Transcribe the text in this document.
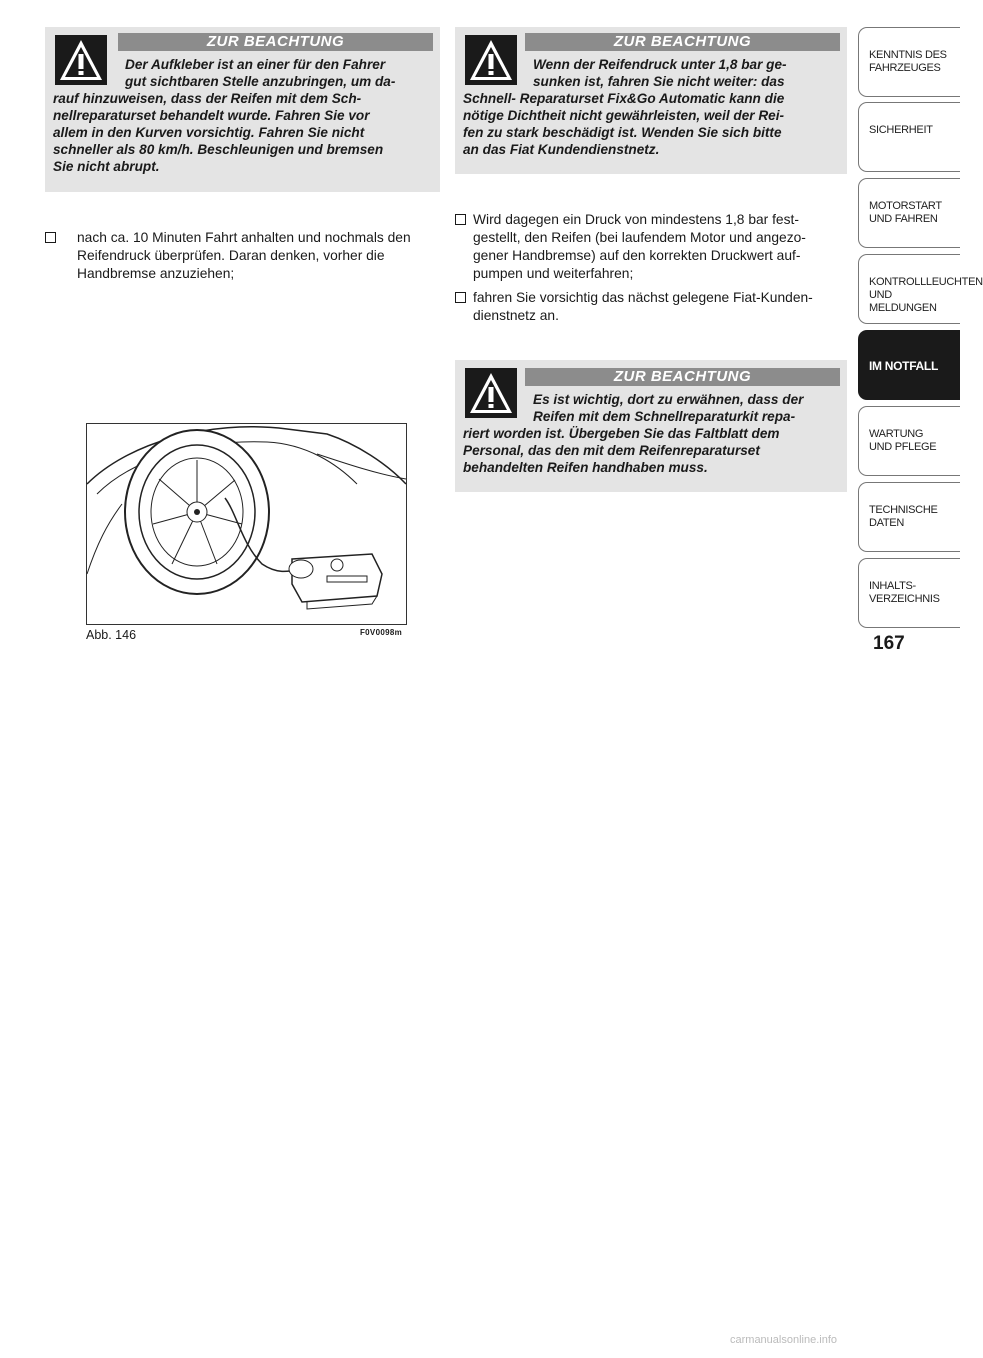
ZUR BEACHTUNG
Der Aufkleber ist an einer für den Fahrer
gut sichtbaren Stelle anzubringen, um da-
rauf hinzuweisen, dass der Reifen mit dem Sch-
nellreparaturset behandelt wurde. Fahren Sie vor
allem in den Kurven vorsichtig. Fahren Sie nicht
schneller als 80 km/h. Beschleunigen und bremsen
Sie nicht abrupt.
ZUR BEACHTUNG
Wenn der Reifendruck unter 1,8 bar ge-
sunken ist, fahren Sie nicht weiter: das
Schnell- Reparaturset Fix&Go Automatic kann die
nötige Dichtheit nicht gewährleisten, weil der Rei-
fen zu stark beschädigt ist. Wenden Sie sich bitte
an das Fiat Kundendienstnetz.
nach ca. 10 Minuten Fahrt anhalten und nochmals den
Reifendruck überprüfen. Daran denken, vorher die
Handbremse anzuziehen;
Wird dagegen ein Druck von mindestens 1,8 bar fest-
gestellt, den Reifen (bei laufendem Motor und angezo-
gener Handbremse) auf den korrekten Druckwert auf-
pumpen und weiterfahren;
fahren Sie vorsichtig das nächst gelegene Fiat-Kunden-
dienstnetz an.
ZUR BEACHTUNG
Es ist wichtig, dort zu erwähnen, dass der
Reifen mit dem Schnellreparaturkit repa-
riert worden ist. Übergeben Sie das Faltblatt dem
Personal, das den mit dem Reifenreparaturset
behandelten Reifen handhaben muss.
Abb. 146	F0V0098m
KENNTNIS DES
FAHRZEUGES
SICHERHEIT
MOTORSTART
UND FAHREN
KONTROLLLEUCHTEN
UND MELDUNGEN
IM NOTFALL
WARTUNG
UND PFLEGE
TECHNISCHE DATEN
INHALTS-
VERZEICHNIS
167
carmanualsonline.info
